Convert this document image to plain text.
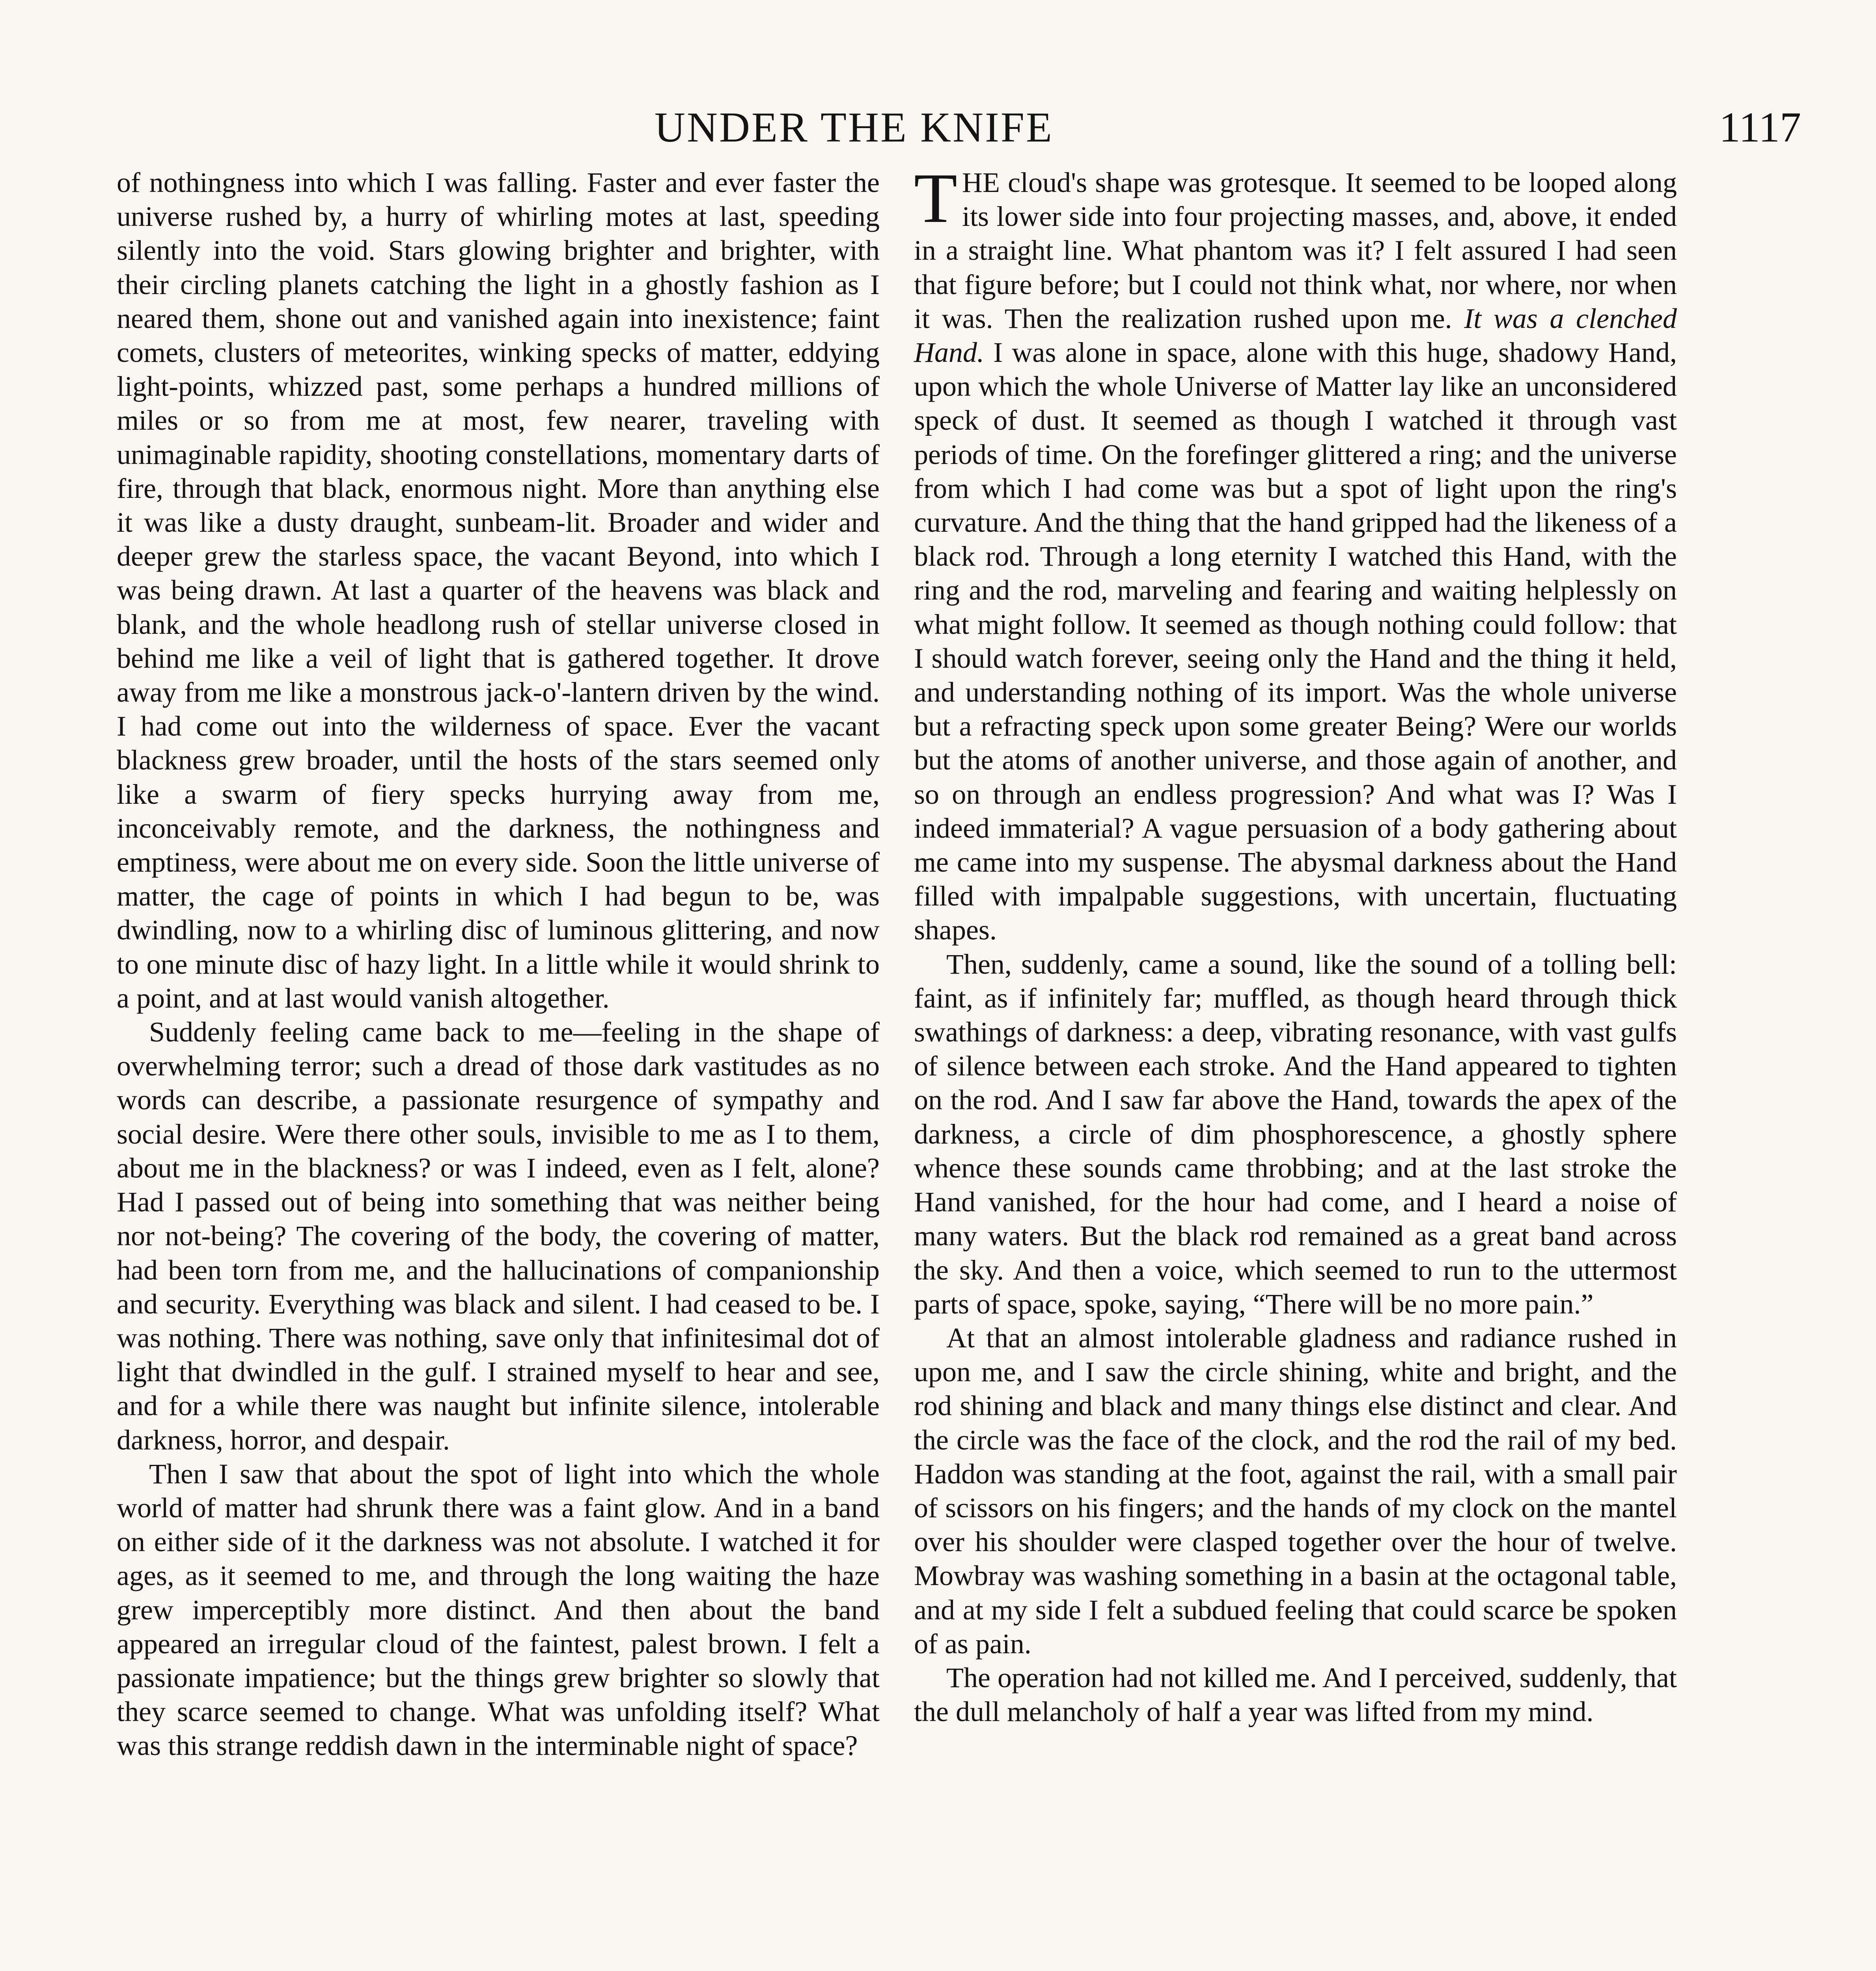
UNDER THE KNIFE	1117

of nothingness into which I was falling. Faster and ever faster the universe rushed by, a hurry of whirling motes at last, speeding silently into the void. Stars glowing brighter and brighter, with their circling planets catching the light in a ghostly fashion as I neared them, shone out and vanished again into inexistence; faint comets, clusters of meteorites, winking specks of matter, eddying light-points, whizzed past, some perhaps a hundred millions of miles or so from me at most, few nearer, traveling with unimaginable rapidity, shooting constellations, momentary darts of fire, through that black, enormous night. More than anything else it was like a dusty draught, sunbeam-lit. Broader and wider and deeper grew the starless space, the vacant Beyond, into which I was being drawn. At last a quarter of the heavens was black and blank, and the whole headlong rush of stellar universe closed in behind me like a veil of light that is gathered together. It drove away from me like a monstrous jack-o'-lantern driven by the wind. I had come out into the wilderness of space. Ever the vacant blackness grew broader, until the hosts of the stars seemed only like a swarm of fiery specks hurrying away from me, inconceivably remote, and the darkness, the nothingness and emptiness, were about me on every side. Soon the little universe of matter, the cage of points in which I had begun to be, was dwindling, now to a whirling disc of luminous glittering, and now to one minute disc of hazy light. In a little while it would shrink to a point, and at last would vanish altogether.

Suddenly feeling came back to me—feeling in the shape of overwhelming terror; such a dread of those dark vastitudes as no words can describe, a passionate resurgence of sympathy and social desire. Were there other souls, invisible to me as I to them, about me in the blackness? or was I indeed, even as I felt, alone? Had I passed out of being into something that was neither being nor not-being? The covering of the body, the covering of matter, had been torn from me, and the hallucinations of companionship and security. Everything was black and silent. I had ceased to be. I was nothing. There was nothing, save only that infinitesimal dot of light that dwindled in the gulf. I strained myself to hear and see, and for a while there was naught but infinite silence, intolerable darkness, horror, and despair.

Then I saw that about the spot of light into which the whole world of matter had shrunk there was a faint glow. And in a band on either side of it the darkness was not absolute. I watched it for ages, as it seemed to me, and through the long waiting the haze grew imperceptibly more distinct. And then about the band appeared an irregular cloud of the faintest, palest brown. I felt a passionate impatience; but the things grew brighter so slowly that they scarce seemed to change. What was unfolding itself? What was this strange reddish dawn in the interminable night of space?

THE cloud's shape was grotesque. It seemed to be looped along its lower side into four projecting masses, and, above, it ended in a straight line. What phantom was it? I felt assured I had seen that figure before; but I could not think what, nor where, nor when it was. Then the realization rushed upon me. It was a clenched Hand. I was alone in space, alone with this huge, shadowy Hand, upon which the whole Universe of Matter lay like an unconsidered speck of dust. It seemed as though I watched it through vast periods of time. On the forefinger glittered a ring; and the universe from which I had come was but a spot of light upon the ring's curvature. And the thing that the hand gripped had the likeness of a black rod. Through a long eternity I watched this Hand, with the ring and the rod, marveling and fearing and waiting helplessly on what might follow. It seemed as though nothing could follow: that I should watch forever, seeing only the Hand and the thing it held, and understanding nothing of its import. Was the whole universe but a refracting speck upon some greater Being? Were our worlds but the atoms of another universe, and those again of another, and so on through an endless progression? And what was I? Was I indeed immaterial? A vague persuasion of a body gathering about me came into my suspense. The abysmal darkness about the Hand filled with impalpable suggestions, with uncertain, fluctuating shapes.

Then, suddenly, came a sound, like the sound of a tolling bell: faint, as if infinitely far; muffled, as though heard through thick swathings of darkness: a deep, vibrating resonance, with vast gulfs of silence between each stroke. And the Hand appeared to tighten on the rod. And I saw far above the Hand, towards the apex of the darkness, a circle of dim phosphorescence, a ghostly sphere whence these sounds came throbbing; and at the last stroke the Hand vanished, for the hour had come, and I heard a noise of many waters. But the black rod remained as a great band across the sky. And then a voice, which seemed to run to the uttermost parts of space, spoke, saying, “There will be no more pain.”

At that an almost intolerable gladness and radiance rushed in upon me, and I saw the circle shining, white and bright, and the rod shining and black and many things else distinct and clear. And the circle was the face of the clock, and the rod the rail of my bed. Haddon was standing at the foot, against the rail, with a small pair of scissors on his fingers; and the hands of my clock on the mantel over his shoulder were clasped together over the hour of twelve. Mowbray was washing something in a basin at the octagonal table, and at my side I felt a subdued feeling that could scarce be spoken of as pain.

The operation had not killed me. And I perceived, suddenly, that the dull melancholy of half a year was lifted from my mind.
